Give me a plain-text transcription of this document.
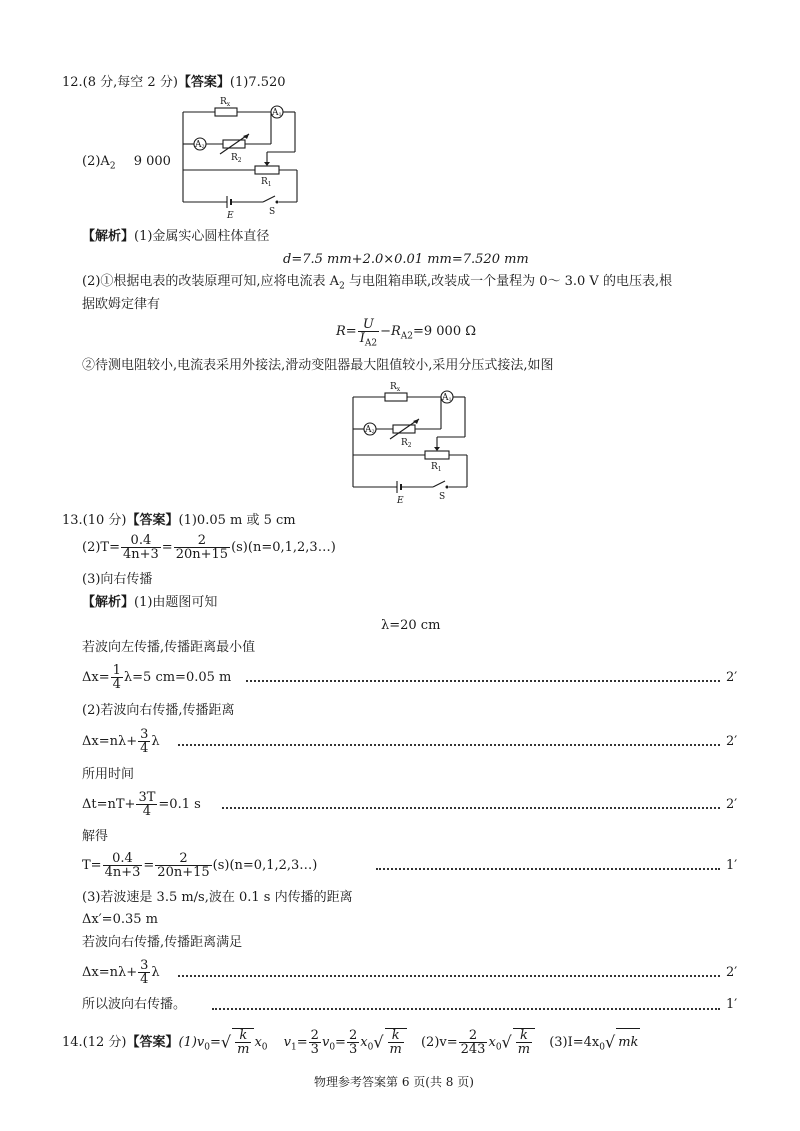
12.(8 分,每空 2 分)【答案】(1)7.520
$(2)A_2$ 9 000
$R_x$
A1
A2
$R_2$
$R_1$
E	S
【解析】(1)金属实心圆柱体直径
d=7.5 mm+2.0×0.01 mm=7.520 mm
(2)①根据电表的改装原理可知,应将电流表 $A_2$ 与电阻箱串联,改装成一个量程为 0～ 3.0 V 的电压表,根
据欧姆定律有
$R= \frac{U}{I_{A2}} -R_{A2}=9$ 000 Ω
②待测电阻较小,电流表采用外接法,滑动变阻器最大阻值较小,采用分压式接法,如图
$R_x$
A1
A2
$R_2$
$R_1$
E	S
13.(10 分)【答案】(1)0.05 m 或 5 cm
$(2)T= \frac{0.4}{4n+3} = \frac{2}{20n+15}$ (s)(n=0,1,2,3…)
(3)向右传播
【解析】(1)由题图可知
λ=20 cm
若波向左传播,传播距离最小值
$\Delta x= \frac{1}{4} \lambda=5$ cm=0.05 m	2′
(2)若波向右传播,传播距离
$\Delta x=n\lambda+ \frac{3}{4}$ λ	2′
所用时间
$\Delta t=nT+ \frac{3T}{4} =0.1$ s	2′
解得
$T= \frac{0.4}{4n+3} = \frac{2}{20n+15}$ (s)(n=0,1,2,3…)	1′
(3)若波速是 3.5 m/s,波在 0.1 s 内传播的距离
Δx′=0.35 m
若波向右传播,传播距离满足
$\Delta x=n\lambda+ \frac{3}{4}$ λ	2′
所以波向右传播。	1′
14.(12 分)【答案】$(1)v_0=√ \frac{k}{m} x_0$ $v_1= \frac{2}{3} v_0= \frac{2}{3} x_0√ \frac{k}{m} (2)v= \frac{2}{243} x_0√ \frac{k}{m} (3)I=4x_0√$ mk
物理参考答案第 6 页(共 8 页)
